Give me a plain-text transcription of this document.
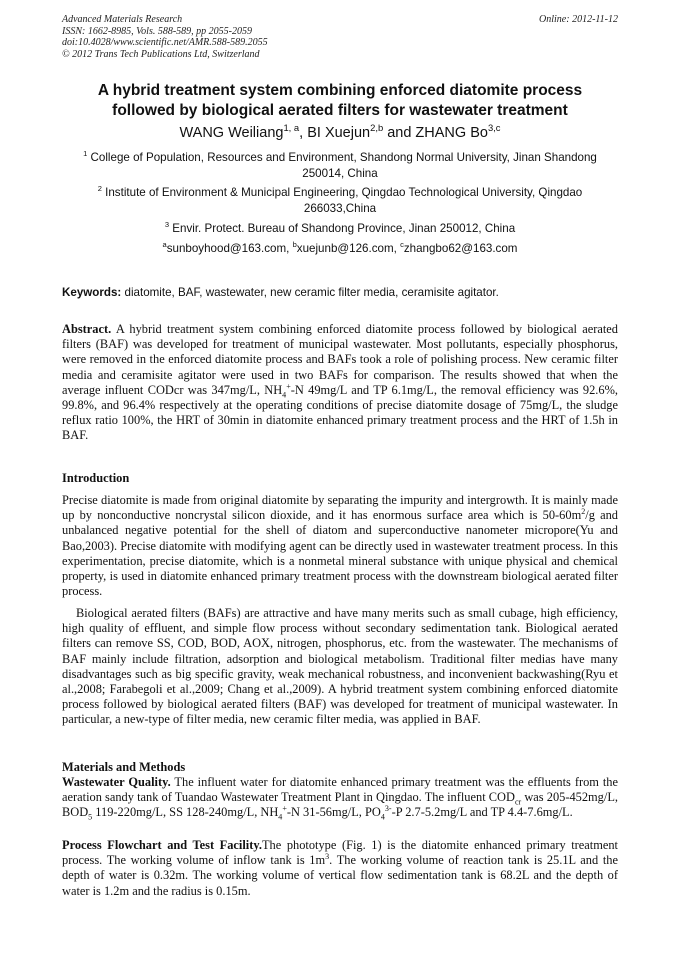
Advanced Materials Research
ISSN: 1662-8985, Vols. 588-589, pp 2055-2059
doi:10.4028/www.scientific.net/AMR.588-589.2055
© 2012 Trans Tech Publications Ltd, Switzerland
Online: 2012-11-12
A hybrid treatment system combining enforced diatomite process
followed by biological aerated filters for wastewater treatment
WANG Weiliang$^{1, a}$, BI Xuejun$^{2,b}$ and ZHANG Bo$^{3,c}$
$^1$ College of Population, Resources and Environment, Shandong Normal University, Jinan Shandong 250014, China
$^2$ Institute of Environment & Municipal Engineering, Qingdao Technological University, Qingdao 266033,China
$^3$ Envir. Protect. Bureau of Shandong Province, Jinan 250012, China
$^a$sunboyhood@163.com, $^b$xuejunb@126.com, $^c$zhangbo62@163.com
Keywords: diatomite, BAF, wastewater, new ceramic filter media, ceramisite agitator.
Abstract. A hybrid treatment system combining enforced diatomite process followed by biological aerated filters (BAF) was developed for treatment of municipal wastewater. Most pollutants, especially phosphorus, were removed in the enforced diatomite process and BAFs took a role of polishing process. New ceramic filter media and ceramisite agitator were used in two BAFs for comparison. The results showed that when the average influent CODcr was 347mg/L, $NH_4^+-N$ 49mg/L and TP 6.1mg/L, the removal efficiency was 92.6%, 99.8%, and 96.4% respectively at the operating conditions of precise diatomite dosage of 75mg/L, the sludge reflux ratio 100%, the HRT of 30min in diatomite enhanced primary treatment process and the HRT of 1.5h in BAF.
Introduction
Precise diatomite is made from original diatomite by separating the impurity and intergrowth. It is mainly made up by nonconductive noncrystal silicon dioxide, and it has enormous surface area which is $50-60m^2/g$ and unbalanced negative potential for the shell of diatom and superconductive nanometer micropore(Yu and Bao,2003). Precise diatomite with modifying agent can be directly used in wastewater treatment process. In this experimentation, precise diatomite, which is a nonmetal mineral substance with unique physical and chemical property, is used in diatomite enhanced primary treatment process with the downstream biological aerated filter process.
Biological aerated filters (BAFs) are attractive and have many merits such as small cubage, high efficiency, high quality of effluent, and simple flow process without secondary sedimentation tank. Biological aerated filters can remove SS, COD, BOD, AOX, nitrogen, phosphorus, etc. from the wastewater. The mechanisms of BAF mainly include filtration, adsorption and biological metabolism. Traditional filter medias have many disadvantages such as big specific gravity, weak mechanical robustness, and inconvenient backwashing(Ryu et al.,2008; Farabegoli et al.,2009; Chang et al.,2009). A hybrid treatment system combining enforced diatomite process followed by biological aerated filters (BAF) was developed for treatment of municipal wastewater. In particular, a new-type of filter media, new ceramic filter media, was applied in BAF.
Materials and Methods
Wastewater Quality. The influent water for diatomite enhanced primary treatment was the effluents from the aeration sandy tank of Tuandao Wastewater Treatment Plant in Qingdao. The influent $COD_{cr}$ was 205-452mg/L, $BOD_5$ 119-220mg/L, SS 128-240mg/L, $NH_4^+-N$ 31-56mg/L, $PO_4^{3-}-P$ 2.7-5.2mg/L and TP 4.4-7.6mg/L.
Process Flowchart and Test Facility.The phototype (Fig. 1) is the diatomite enhanced primary treatment process. The working volume of inflow tank is $1m^3$. The working volume of reaction tank is 25.1L and the depth of water is 0.32m. The working volume of vertical flow sedimentation tank is 68.2L and the depth of water is 1.2m and the radius is 0.15m.
